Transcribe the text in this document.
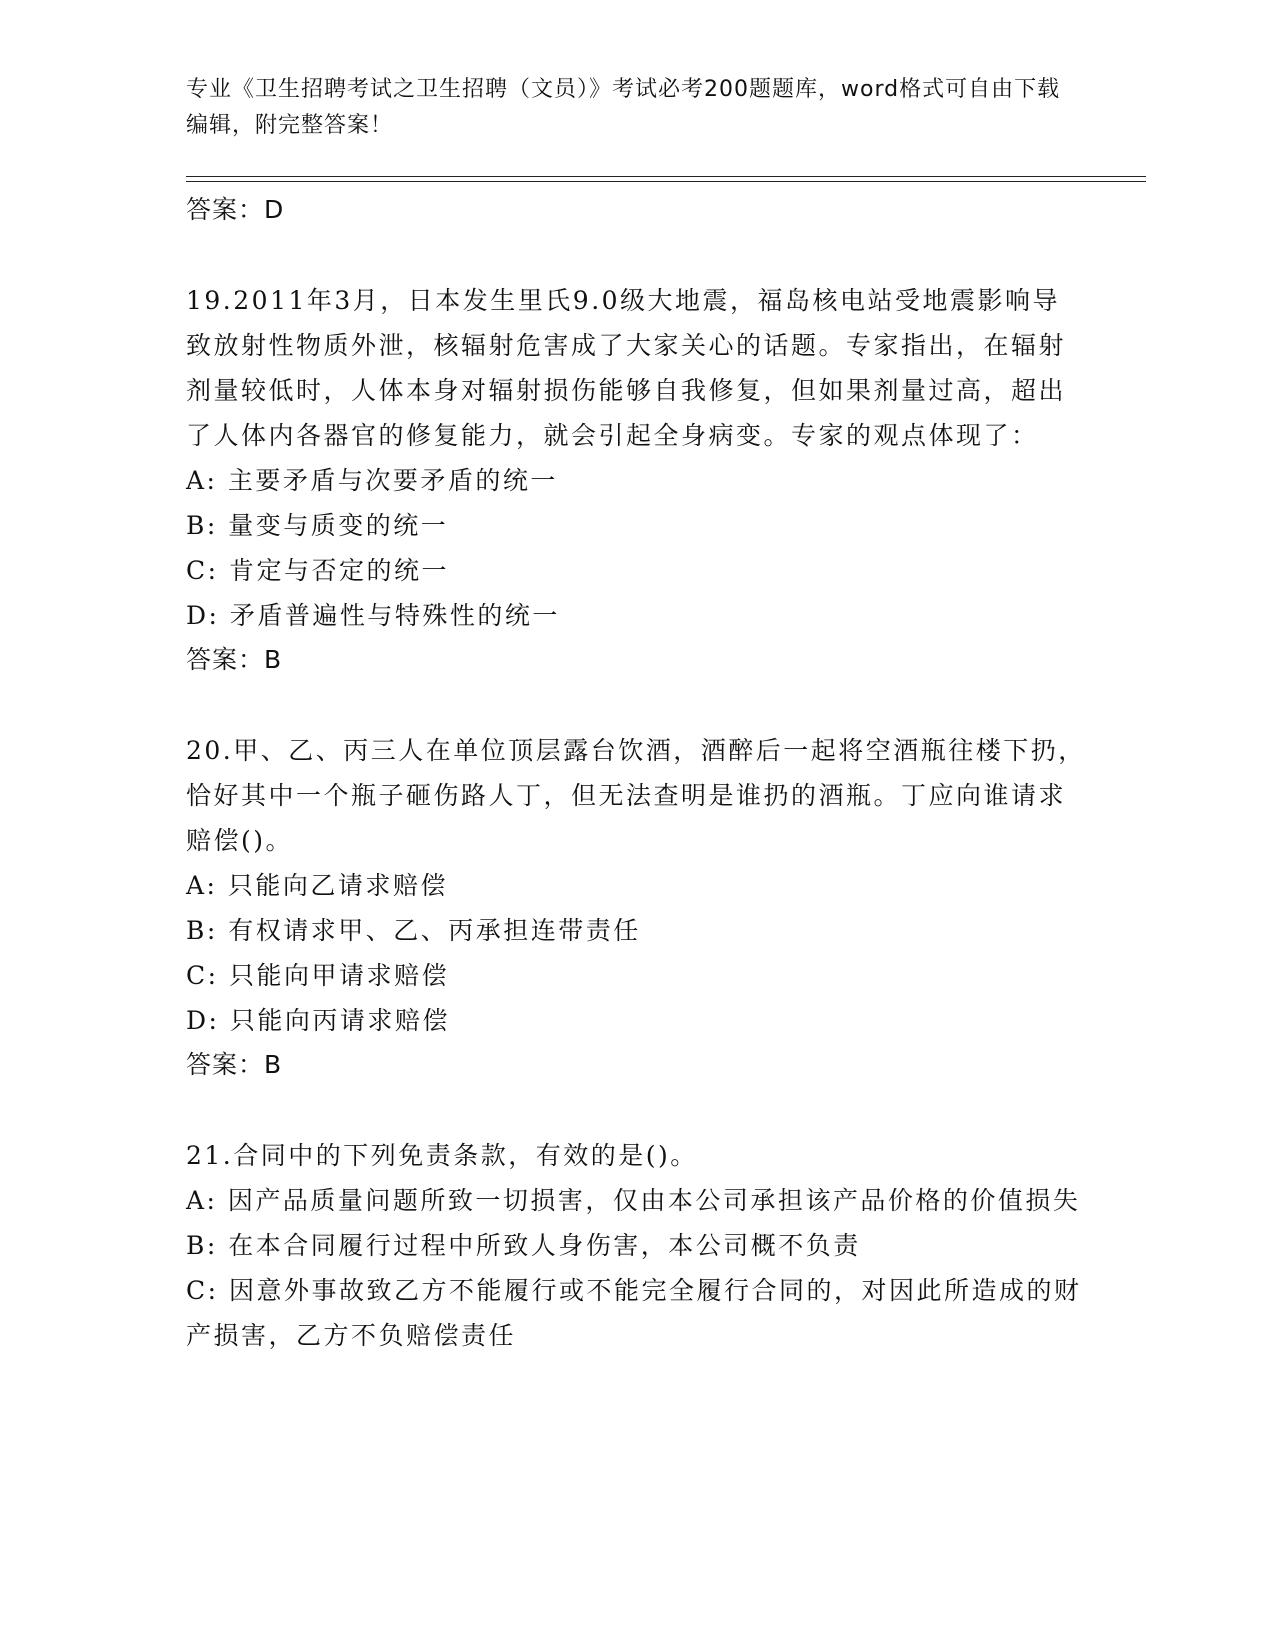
专业《卫生招聘考试之卫生招聘（文员）》考试必考200题题库，word格式可自由下载编辑，附完整答案！
答案：D

19.2011年3月，日本发生里氏9.0级大地震，福岛核电站受地震影响导致放射性物质外泄，核辐射危害成了大家关心的话题。专家指出，在辐射剂量较低时，人体本身对辐射损伤能够自我修复，但如果剂量过高，超出了人体内各器官的修复能力，就会引起全身病变。专家的观点体现了：

A: 主要矛盾与次要矛盾的统一

B: 量变与质变的统一

C: 肯定与否定的统一

D: 矛盾普遍性与特殊性的统一

答案：B

20.甲、乙、丙三人在单位顶层露台饮酒，酒醉后一起将空酒瓶往楼下扔，恰好其中一个瓶子砸伤路人丁，但无法查明是谁扔的酒瓶。丁应向谁请求赔偿()。

A: 只能向乙请求赔偿

B: 有权请求甲、乙、丙承担连带责任

C: 只能向甲请求赔偿

D: 只能向丙请求赔偿

答案：B

21.合同中的下列免责条款，有效的是()。

A: 因产品质量问题所致一切损害，仅由本公司承担该产品价格的价值损失

B: 在本合同履行过程中所致人身伤害，本公司概不负责

C: 因意外事故致乙方不能履行或不能完全履行合同的，对因此所造成的财产损害，乙方不负赔偿责任
